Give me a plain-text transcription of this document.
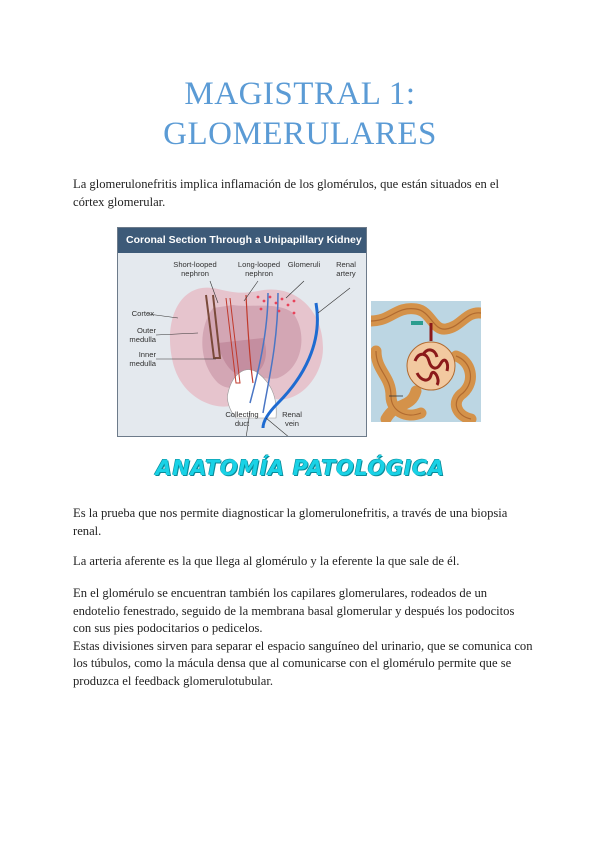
MAGISTRAL 1:
GLOMERULARES
La glomerulonefritis implica inflamación de los glomérulos, que están situados en el córtex glomerular.
Coronal Section Through a Unipapillary Kidney
Short-looped nephron
Long-looped nephron
Glomeruli	Renal artery
Cortex
Outer medulla
Inner medulla
Collecting duct
Renal vein
ANATOMÍA PATOLÓGICA
Es la prueba que nos permite diagnosticar la glomerulonefritis, a través de una biopsia renal.
La arteria aferente es la que llega al glomérulo y la eferente la que sale de él.
En el glomérulo se encuentran también los capilares glomerulares, rodeados de un endotelio fenestrado, seguido de la membrana basal glomerular y después los podocitos con sus pies podocitarios o pedicelos.
Estas divisiones sirven para separar el espacio sanguíneo del urinario, que se comunica con los túbulos, como la mácula densa que al comunicarse con el glomérulo permite que se produzca el feedback glomerulotubular.
